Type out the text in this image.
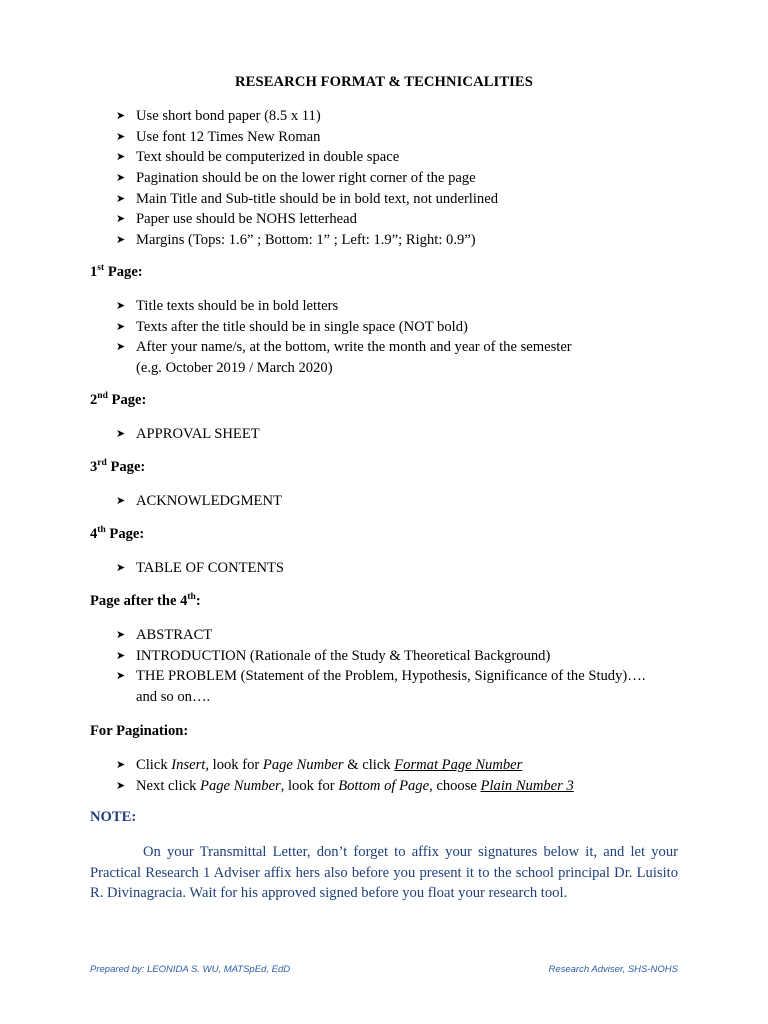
RESEARCH FORMAT & TECHNICALITIES
➤ Use short bond paper (8.5 x 11)
➤ Use font 12 Times New Roman
➤ Text should be computerized in double space
➤ Pagination should be on the lower right corner of the page
➤ Main Title and Sub-title should be in bold text, not underlined
➤ Paper use should be NOHS letterhead
➤ Margins (Tops: 1.6” ; Bottom: 1” ; Left: 1.9”; Right: 0.9”)
1st Page:
➤ Title texts should be in bold letters
➤ Texts after the title should be in single space (NOT bold)
➤ After your name/s, at the bottom, write the month and year of the semester
(e.g. October 2019 / March 2020)
2nd Page:
➤ APPROVAL SHEET
3rd Page:
➤ ACKNOWLEDGMENT
4th Page:
➤ TABLE OF CONTENTS
Page after the 4th:
➤ ABSTRACT
➤ INTRODUCTION (Rationale of the Study & Theoretical Background)
➤ THE PROBLEM (Statement of the Problem, Hypothesis, Significance of the Study)….
and so on….
For Pagination:
➤ Click Insert, look for Page Number & click Format Page Number
➤ Next click Page Number, look for Bottom of Page, choose Plain Number 3
NOTE:
On your Transmittal Letter, don’t forget to affix your signatures below it, and let your Practical Research 1 Adviser affix hers also before you present it to the school principal Dr. Luisito R. Divinagracia. Wait for his approved signed before you float your research tool.
Prepared by: LEONIDA S. WU, MATSpEd, EdD	Research Adviser, SHS-NOHS
